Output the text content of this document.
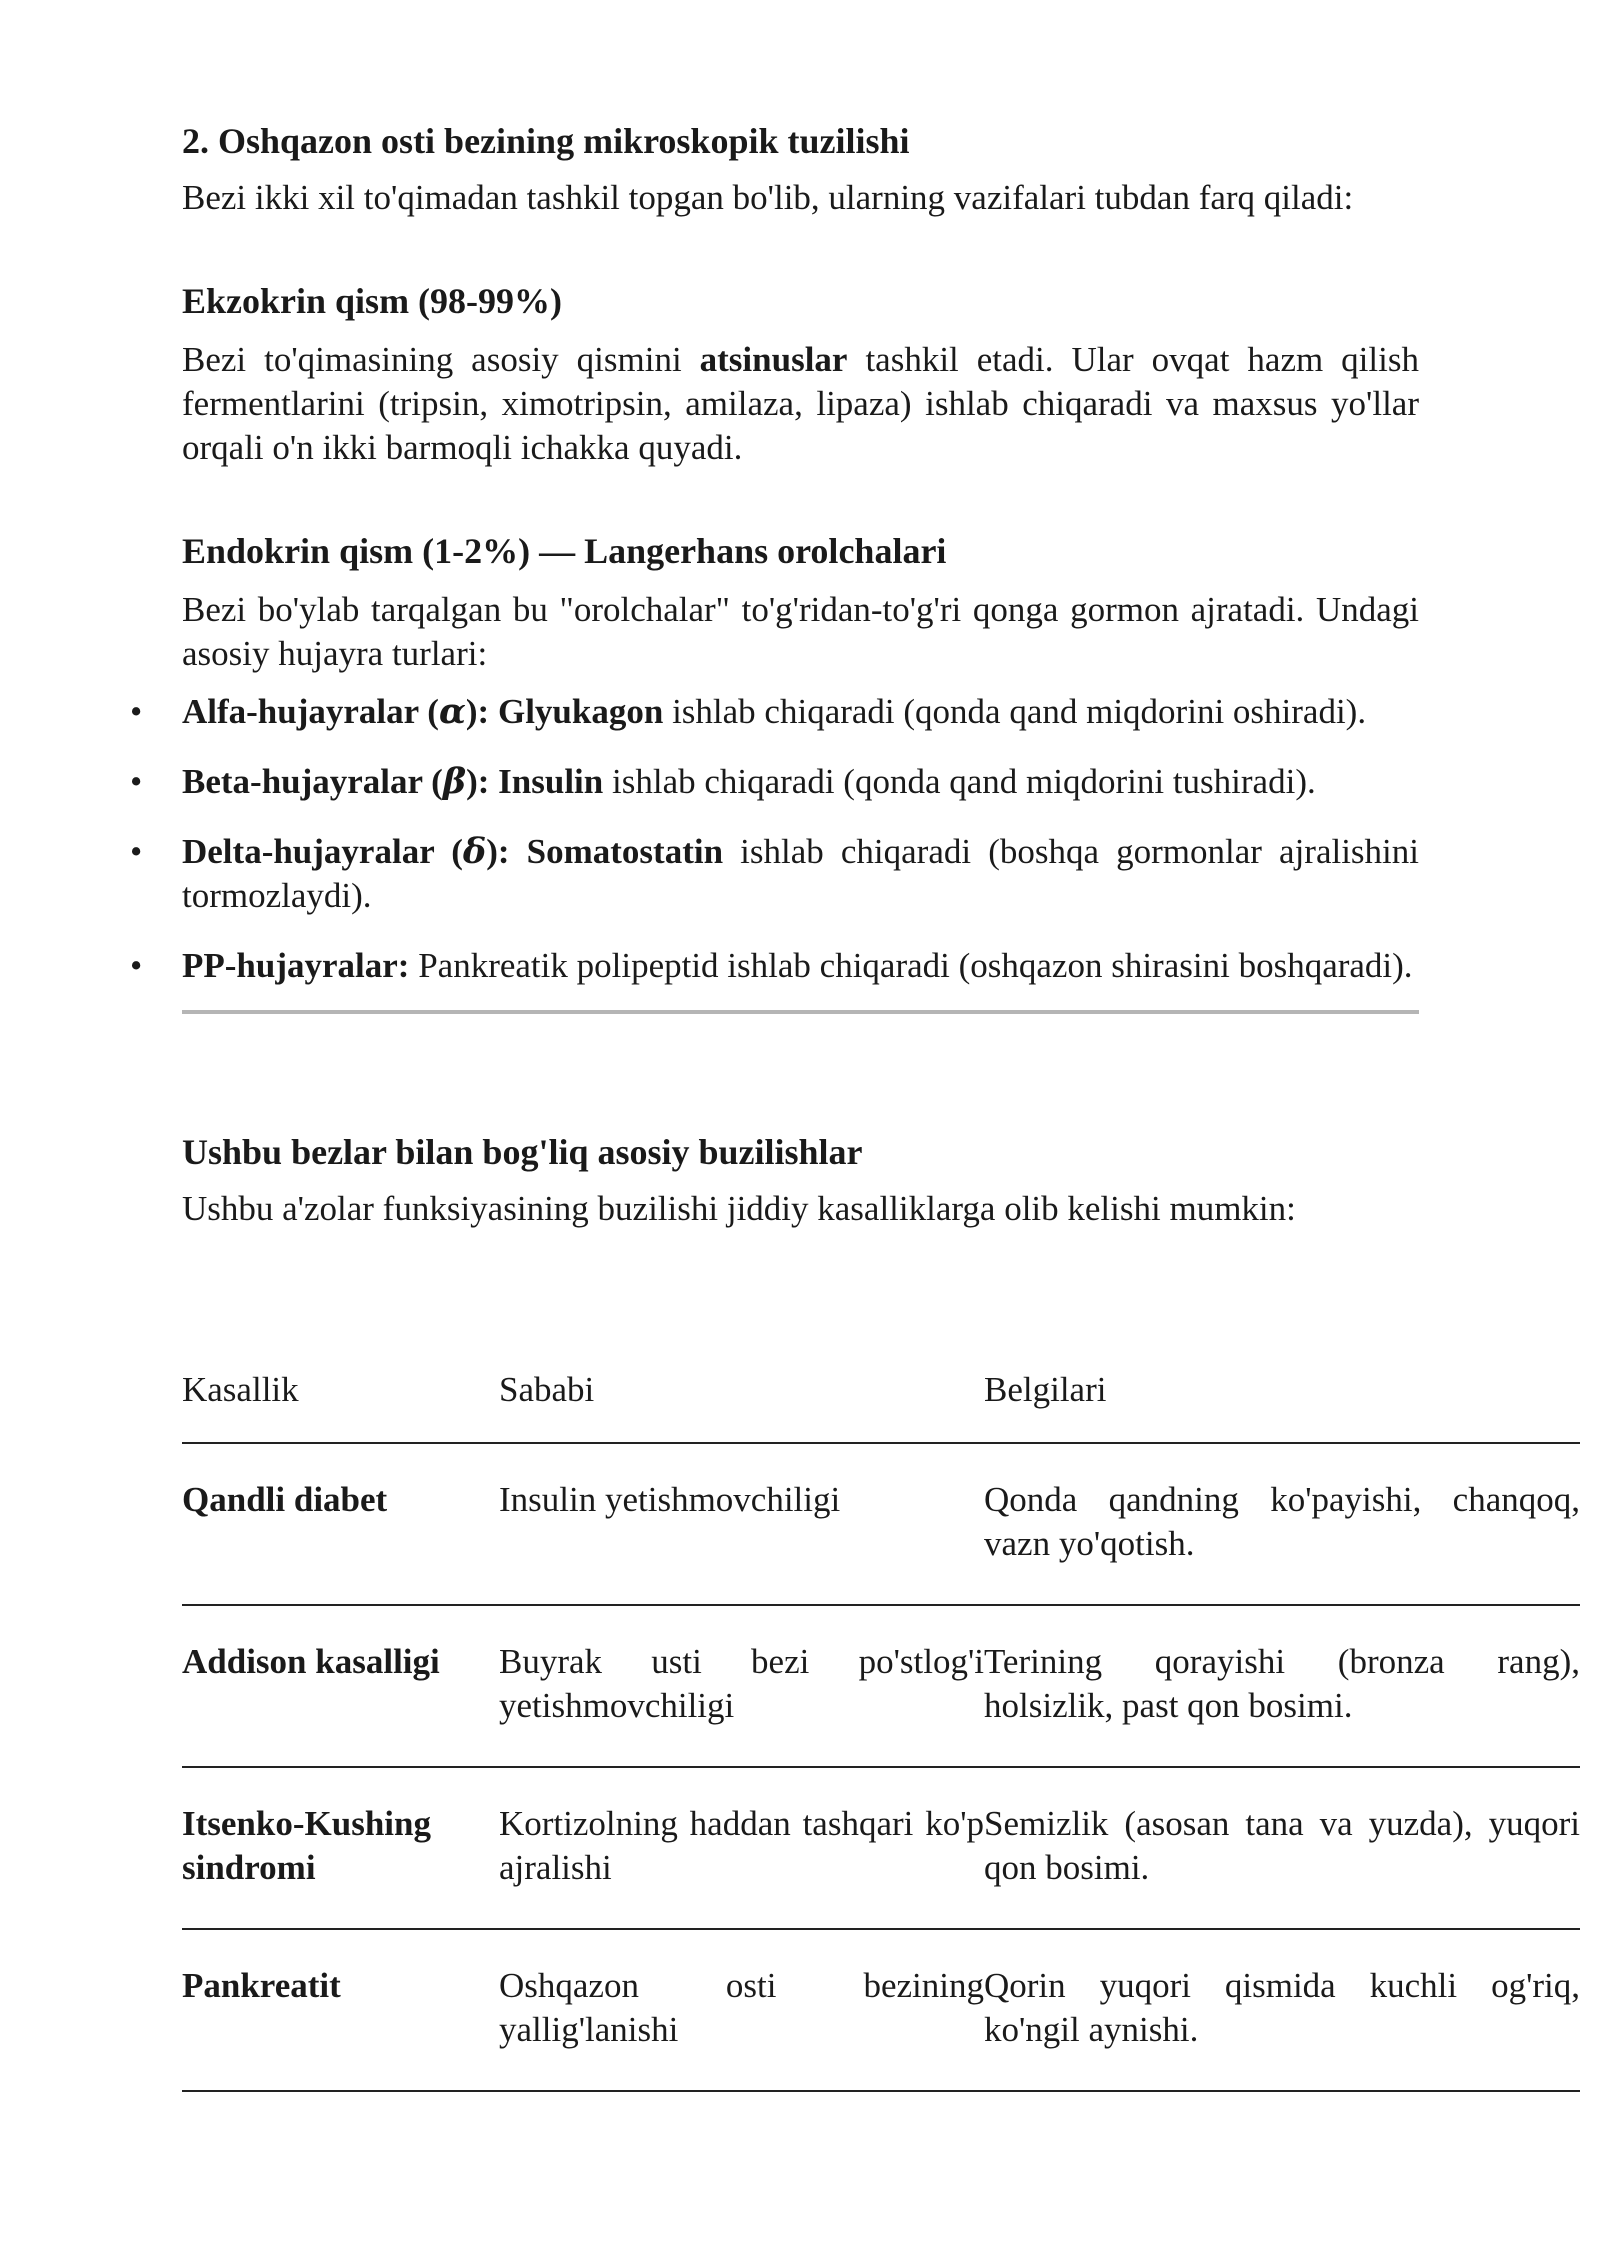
2. Oshqazon osti bezining mikroskopik tuzilishi

Bezi ikki xil to'qimadan tashkil topgan bo'lib, ularning vazifalari tubdan farq qiladi:

Ekzokrin qism (98-99%)

Bezi to'qimasining asosiy qismini atsinuslar tashkil etadi. Ular ovqat hazm qilish fermentlarini (tripsin, ximotripsin, amilaza, lipaza) ishlab chiqaradi va maxsus yo'llar orqali o'n ikki barmoqli ichakka quyadi.

Endokrin qism (1-2%) — Langerhans orolchalari

Bezi bo'ylab tarqalgan bu "orolchalar" to'g'ridan-to'g'ri qonga gormon ajratadi. Undagi asosiy hujayra turlari:

• Alfa-hujayralar (α): Glyukagon ishlab chiqaradi (qonda qand miqdorini oshiradi).
• Beta-hujayralar (β): Insulin ishlab chiqaradi (qonda qand miqdorini tushiradi).
• Delta-hujayralar (δ): Somatostatin ishlab chiqaradi (boshqa gormonlar ajralishini tormozlaydi).
• PP-hujayralar: Pankreatik polipeptid ishlab chiqaradi (oshqazon shirasini boshqaradi).
Ushbu bezlar bilan bog'liq asosiy buzilishlar

Ushbu a'zolar funksiyasining buzilishi jiddiy kasalliklarga olib kelishi mumkin:

Kasallik	Sababi	Belgilari
Qandli diabet	Insulin yetishmovchiligi	Qonda qandning ko'payishi, chanqoq, vazn yo'qotish.
Addison kasalligi	Buyrak usti bezi po'stlog'i yetishmovchiligi	Terining qorayishi (bronza rang), holsizlik, past qon bosimi.
Itsenko-Kushing sindromi	Kortizolning haddan tashqari ko'p ajralishi	Semizlik (asosan tana va yuzda), yuqori qon bosimi.
Pankreatit	Oshqazon osti bezining yallig'lanishi	Qorin yuqori qismida kuchli og'riq, ko'ngil aynishi.
